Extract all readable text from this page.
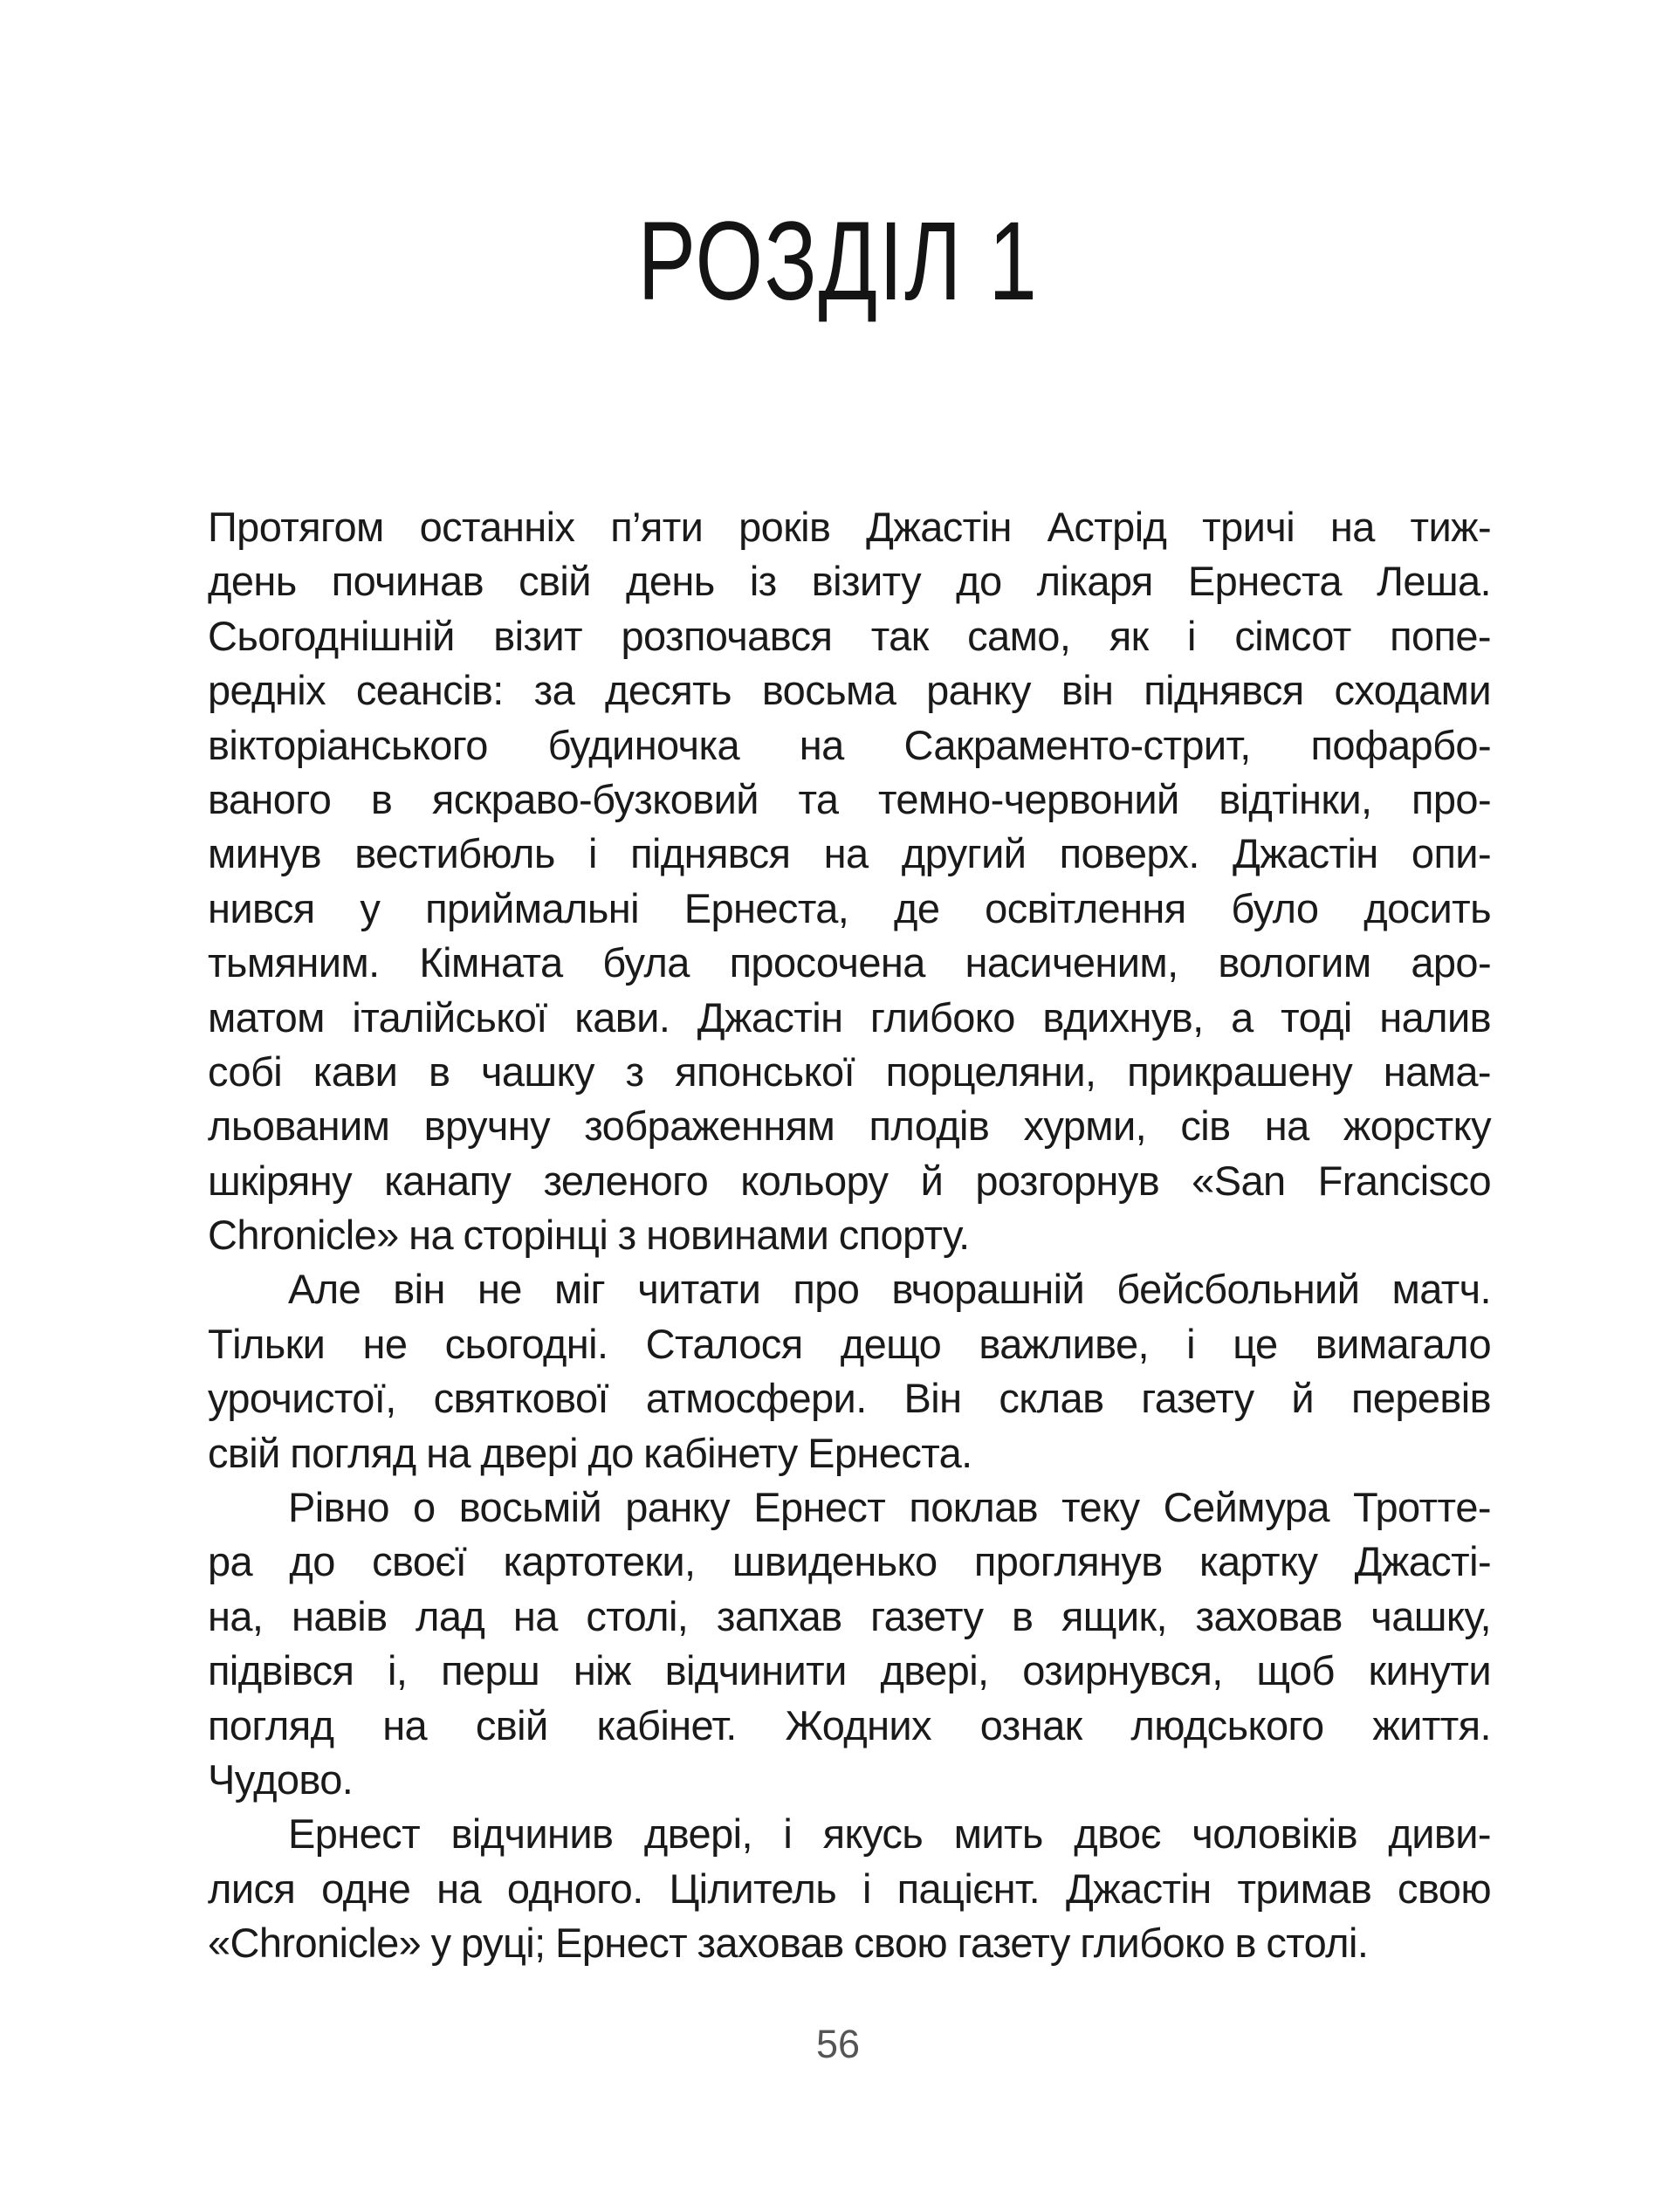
РОЗДІЛ 1
Протягом останніх п’яти років Джастін Астрід тричі на тиж-
день починав свій день із візиту до лікаря Ернеста Леша.
Сьогоднішній візит розпочався так само, як і сімсот попе-
редніх сеансів: за десять восьма ранку він піднявся сходами
вікторіанського будиночка на Сакраменто-стрит, пофарбо-
ваного в яскраво-бузковий та темно-червоний відтінки, про-
минув вестибюль і піднявся на другий поверх. Джастін опи-
нився у приймальні Ернеста, де освітлення було досить
тьмяним. Кімната була просочена насиченим, вологим аро-
матом італійської кави. Джастін глибоко вдихнув, а тоді налив
собі кави в чашку з японської порцеляни, прикрашену нама-
льованим вручну зображенням плодів хурми, сів на жорстку
шкіряну канапу зеленого кольору й розгорнув «San Francisco
Chronicle» на сторінці з новинами спорту.
Але він не міг читати про вчорашній бейсбольний матч.
Тільки не сьогодні. Сталося дещо важливе, і це вимагало
урочистої, святкової атмосфери. Він склав газету й перевів
свій погляд на двері до кабінету Ернеста.
Рівно о восьмій ранку Ернест поклав теку Сеймура Троттe-
ра до своєї картотеки, швиденько проглянув картку Джасті-
на, навів лад на столі, запхав газету в ящик, заховав чашку,
підвівся і, перш ніж відчинити двері, озирнувся, щоб кинути
погляд на свій кабінет. Жодних ознак людського життя.
Чудово.
Ернест відчинив двері, і якусь мить двоє чоловіків диви-
лися одне на одного. Цілитель і пацієнт. Джастін тримав свою
«Chronicle» у руці; Ернест заховав свою газету глибоко в столі.
56
